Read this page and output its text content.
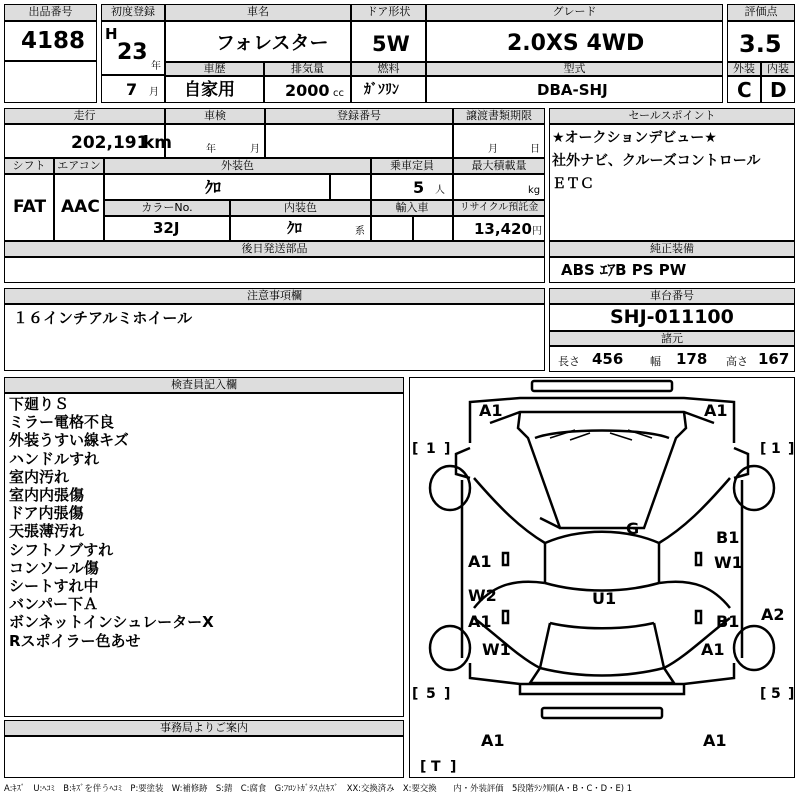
出品番号
4188
初度登録
H
23
年
7 月
車名
フォレスター
ドア形状
5W
グレード
2.0XS 4WD
評価点
3.5
車歴
自家用
排気量
2000 cc
燃料
ｶﾞｿﾘﾝ
型式
DBA-SHJ
外装
C
内装
D
走行
202,191
km
車検
年	月
登録番号	譲渡書類期限
月	日
シフト
FAT
エアコン
AAC
外装色
ｸﾛ
乗車定員
5 人
最大積載量
kg
カラーNo.
32J
内装色
ｸﾛ	系
輸入車	リサイクル預託金
13,420 円
後日発送部品
セールスポイント
★オークションデビュー★
社外ナビ、クルーズコントロール
ＥＴＣ
純正装備
ABS ｴｱB PS PW
注意事項欄
１６インチアルミホイール
車台番号
SHJ-011100
諸元
長さ 456 幅 178 高さ 167
検査員記入欄
下廻りＳ
ミラー電格不良
外装うすい線キズ
ハンドルすれ
室内汚れ
室内内張傷
ドア内張傷
天張薄汚れ
シフトノブすれ
コンソール傷
シートすれ中
バンパー下Ａ
ボンネットインシュレーターX
Rスポイラー色あせ
事務局よりご案内
A1	A1
G	B1
W1
A1
W2	U1
A1	B1 A2
W1	A1
A1	A1
[ 1 ]	[ 1 ]
[ 5 ]	[ 5 ]
[ T ]
A:ｷｽﾞ　U:ﾍｺﾐ　B:ｷｽﾞを伴うﾍｺﾐ　P:要塗装　W:補修跡　S:錆　C:腐食　G:ﾌﾛﾝﾄｶﾞﾗｽ点ｷｽﾞ　XX:交換済み　X:要交換　　内・外装評価　5段階ﾗﾝｸ順(A・B・C・D・E) 1
